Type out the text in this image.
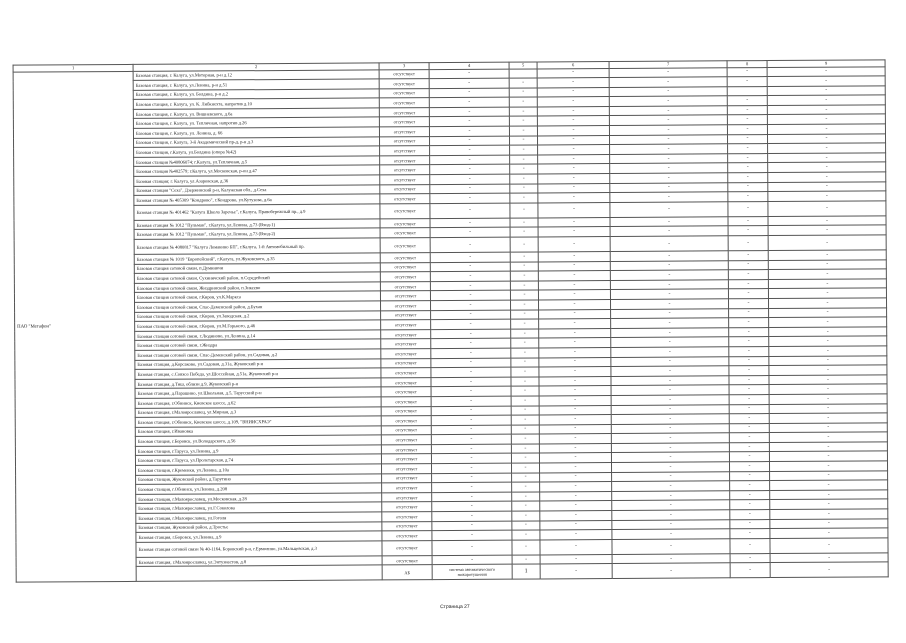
1	2	3	4	5	6	7	8	9
ПАО "Мегафон"	Базовая станция, г. Калуга, ул.Моторная, р-н д.12	отсутствует	-		-	-	-	-
	Базовая станция, г. Калуга, ул.Ленина, р-н д.51	отсутствует	-	-	-	-	-	-
	Базовая станция, г. Калуга, ул. Болдина, р-н д.2	отсутствует	-	-	-	-		-
	Базовая станция, г. Калуга, ул. К. Либкнехта, напротив д.10	отсутствует	-	-	-	-	-	-
	Базовая станция, г. Калуга, ул. Вишневского, д.6а	отсутствует	-	-	-	-	-	-
	Базовая станция, г. Калуга, ул. Тепличная, напротив д.26	отсутствует	-	-	-	-	-	-
	Базовая станция, г. Калуга, ул. Ленина, д. 66	отсутствует	-	-	-	-	-	-
	Базовая станция, г. Калуга, 3-й Академический пр-д, р-н д.3	отсутствует	-	-	-	-	-	-
	Базовая станция, г.Калуга, ул.Болдина (опора №42)	отсутствует	-	-	-	-	-	-
	Базовая станция №40806074; г.Калуга, ул.Тепличная, д.5	отсутствует	-	-	-	-	-	-
	Базовая станция №402579; г.Калуга, ул.Московская, р-он д.47	отсутствует	-	-	-	-	-	-
	Базовая станция; г. Калуга, ул.Азаровская, д.36	отсутствует	-	-	-	-	-	-
	Базовая станция "Сеха", Дзержинский р-н, Калужская обл., д.Сеха	отсутствует	-	-	-	-	-	-
	Базовая станция № 405309 "Кондрово", г.Кондрово, ул.Кутузова, д.6а	отсутствует	-	-	-	-	-	-
	Базовая станция № 401462 "Калуга Школа Заречье", г.Калуга, Правобережный пр., д.9	отсутствует	-	-	-	-	-	-
	Базовая станция № 1012 "Пульман", г.Калуга, ул.Ленина, д.73 (Вход-1)	отсутствует	-	-	-	-	-	-
	Базовая станция № 1012 "Пульман", г.Калуга, ул.Ленина, д.73 (Вход-2)	отсутствует	-	-	-	-	-	-
	Базовая станция № 4080817 "Калуга Ломакино БП", г.Калуга, 1-й Автомобильный пр.	отсутствует	-	-	-	-	-	-
	Базовая станция № 1019 "Европейский", г.Калуга, ул.Жуковского, д.35	отсутствует	-	-	-	-	-	-
	Базовая станция сотовой связи, п.Думиничи	отсутствует	-	-	-	-	-	-
	Базовая станция сотовой связи, Сухиничский район, п.Середейский	отсутствует	-	-	-	-	-	-
	Базовая станция сотовой связи, Жиздринский район, п.Зикеево	отсутствует	-	-	-	-	-	-
	Базовая станция сотовой связи, г.Киров, ул.К.Маркса	отсутствует	-	-	-	-	-	-
	Базовая станция сотовой связи, Спас-Деменский район, д.Бухан	отсутствует	-	-	-	-	-	-
	Базовая станция сотовой связи, г.Киров, ул.Заводская, д.2	отсутствует	-	-	-	-	-	-
	Базовая станция сотовой связи, г.Киров, ул.М.Горького, д.46	отсутствует	-	-	-	-	-	-
	Базовая станция сотовой связи, г.Людиново, ул.Ленина, д.14	отсутствует	-	-	-	-	-	-
	Базовая станция сотовой связи, г.Жиздра	отсутствует	-	-	-	-	-	-
	Базовая станция сотовой связи, Спас-Деменский район, ул.Садовая, д.2	отсутствует	-	-	-	-	-	-
	Базовая станция, д.Корсаково, ул.Садовая, д.31а, Жуковский р-н	отсутствует	-	-	-	-	-	-
	Базовая станция, с.Совхоз Победа, ул.Шоссейная, д.51а, Жуковский р-н	отсутствует	-	-	-	-	-	-
	Базовая станция, д.Тиш, облизи д.9, Жуковский р-н	отсутствует	-	-	-	-	-	-
	Базовая станция, д.Парашино, ул.Школьная, д.5, Тарусский р-н	отсутствует	-	-	-	-	-	-
	Базовая станция, г.Обнинск, Киевское шоссе, д.62	отсутствует	-	-	-	-	-	-
	Базовая станция, г.Малоярославец, ул.Мирная, д.3	отсутствует	-	-	-	-	-	-
	Базовая станция, г.Обнинск, Киевское шоссе, д.109, "ВНИИСХРАЭ"	отсутствует	-	-	-	-	-	-
	Базовая станция, г.Ивановка	отсутствует	-	-	-	-	-	-
	Базовая станция, г.Боровск, ул.Володарского, д.56	отсутствует	-	-	-	-	-	-
	Базовая станция, г.Таруса, ул.Ленина, д.9	отсутствует	-	-	-	-	-	-
	Базовая станция, г.Таруса, ул.Пролетарская, д.74	отсутствует	-	-	-	-	-	-
	Базовая станция, г.Кременки, ул.Ленина, д.10а	отсутствует	-	-	-	-	-	-
	Базовая станция, Жуковский район, д.Тарутино	отсутствует	-	-	-	-	-	-
	Базовая станция, г.Обнинск, ул.Ленина, д.208	отсутствует	-	-	-	-	-	-
	Базовая станция, г.Малоярославец, ул.Московская, д.28	отсутствует	-	-	-	-	-	-
	Базовая станция, г.Малоярославец, ул.Г.Соколова	отсутствует	-	-	-	-	-	-
	Базовая станция, г.Малоярославец, ул.Гоголя	отсутствует	-	-	-	-	-	-
	Базовая станция, Жуковский район, д.Тростье	отсутствует	-	-	-	-	-	-
	Базовая станция, г.Боровск, ул.Ленина, д.9	отсутствует	-	-	-	-	-	-
	Базовая станция сотовой связи № 40-1164, Боровский р-н, г.Ермолино, ул.Мальцевская, д.3	отсутствует	-	-	-	-	-	-
	Базовая станция, г.Малоярославец, ул.Энтузиастов, д.8	отсутствует	-	-	-	-	-	-
		АБ	система автоматического пожаротушения	1	-	-	-	-
Страница 27
